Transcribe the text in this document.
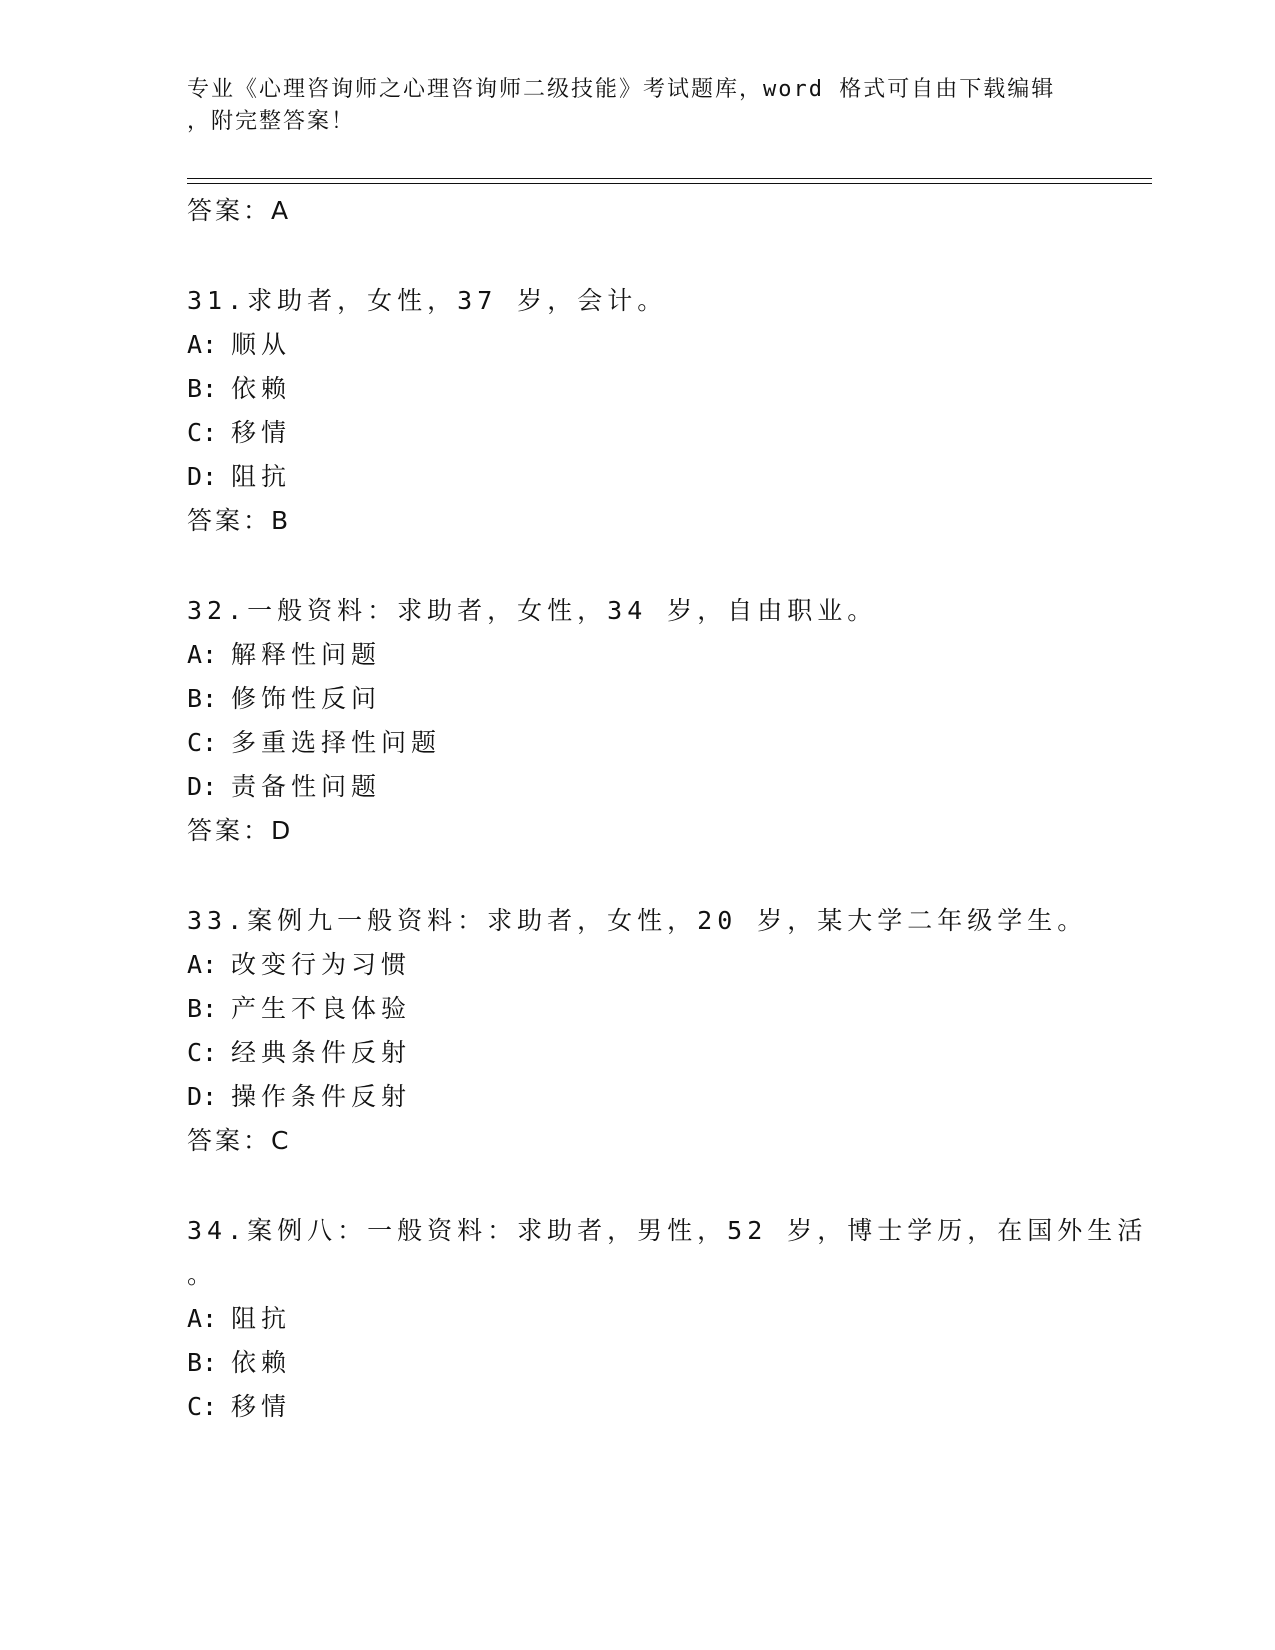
专业《心理咨询师之心理咨询师二级技能》考试题库，word 格式可自由下载编辑
，附完整答案！
答案：A
31.求助者，女性，37 岁，会计。
A: 顺从
B: 依赖
C: 移情
D: 阻抗
答案：B
32.一般资料：求助者，女性，34 岁，自由职业。
A: 解释性问题
B: 修饰性反问
C: 多重选择性问题
D: 责备性问题
答案：D
33.案例九一般资料：求助者，女性，20 岁，某大学二年级学生。
A: 改变行为习惯
B: 产生不良体验
C: 经典条件反射
D: 操作条件反射
答案：C
34.案例八：一般资料：求助者，男性，52 岁，博士学历，在国外生活
。
A: 阻抗
B: 依赖
C: 移情
